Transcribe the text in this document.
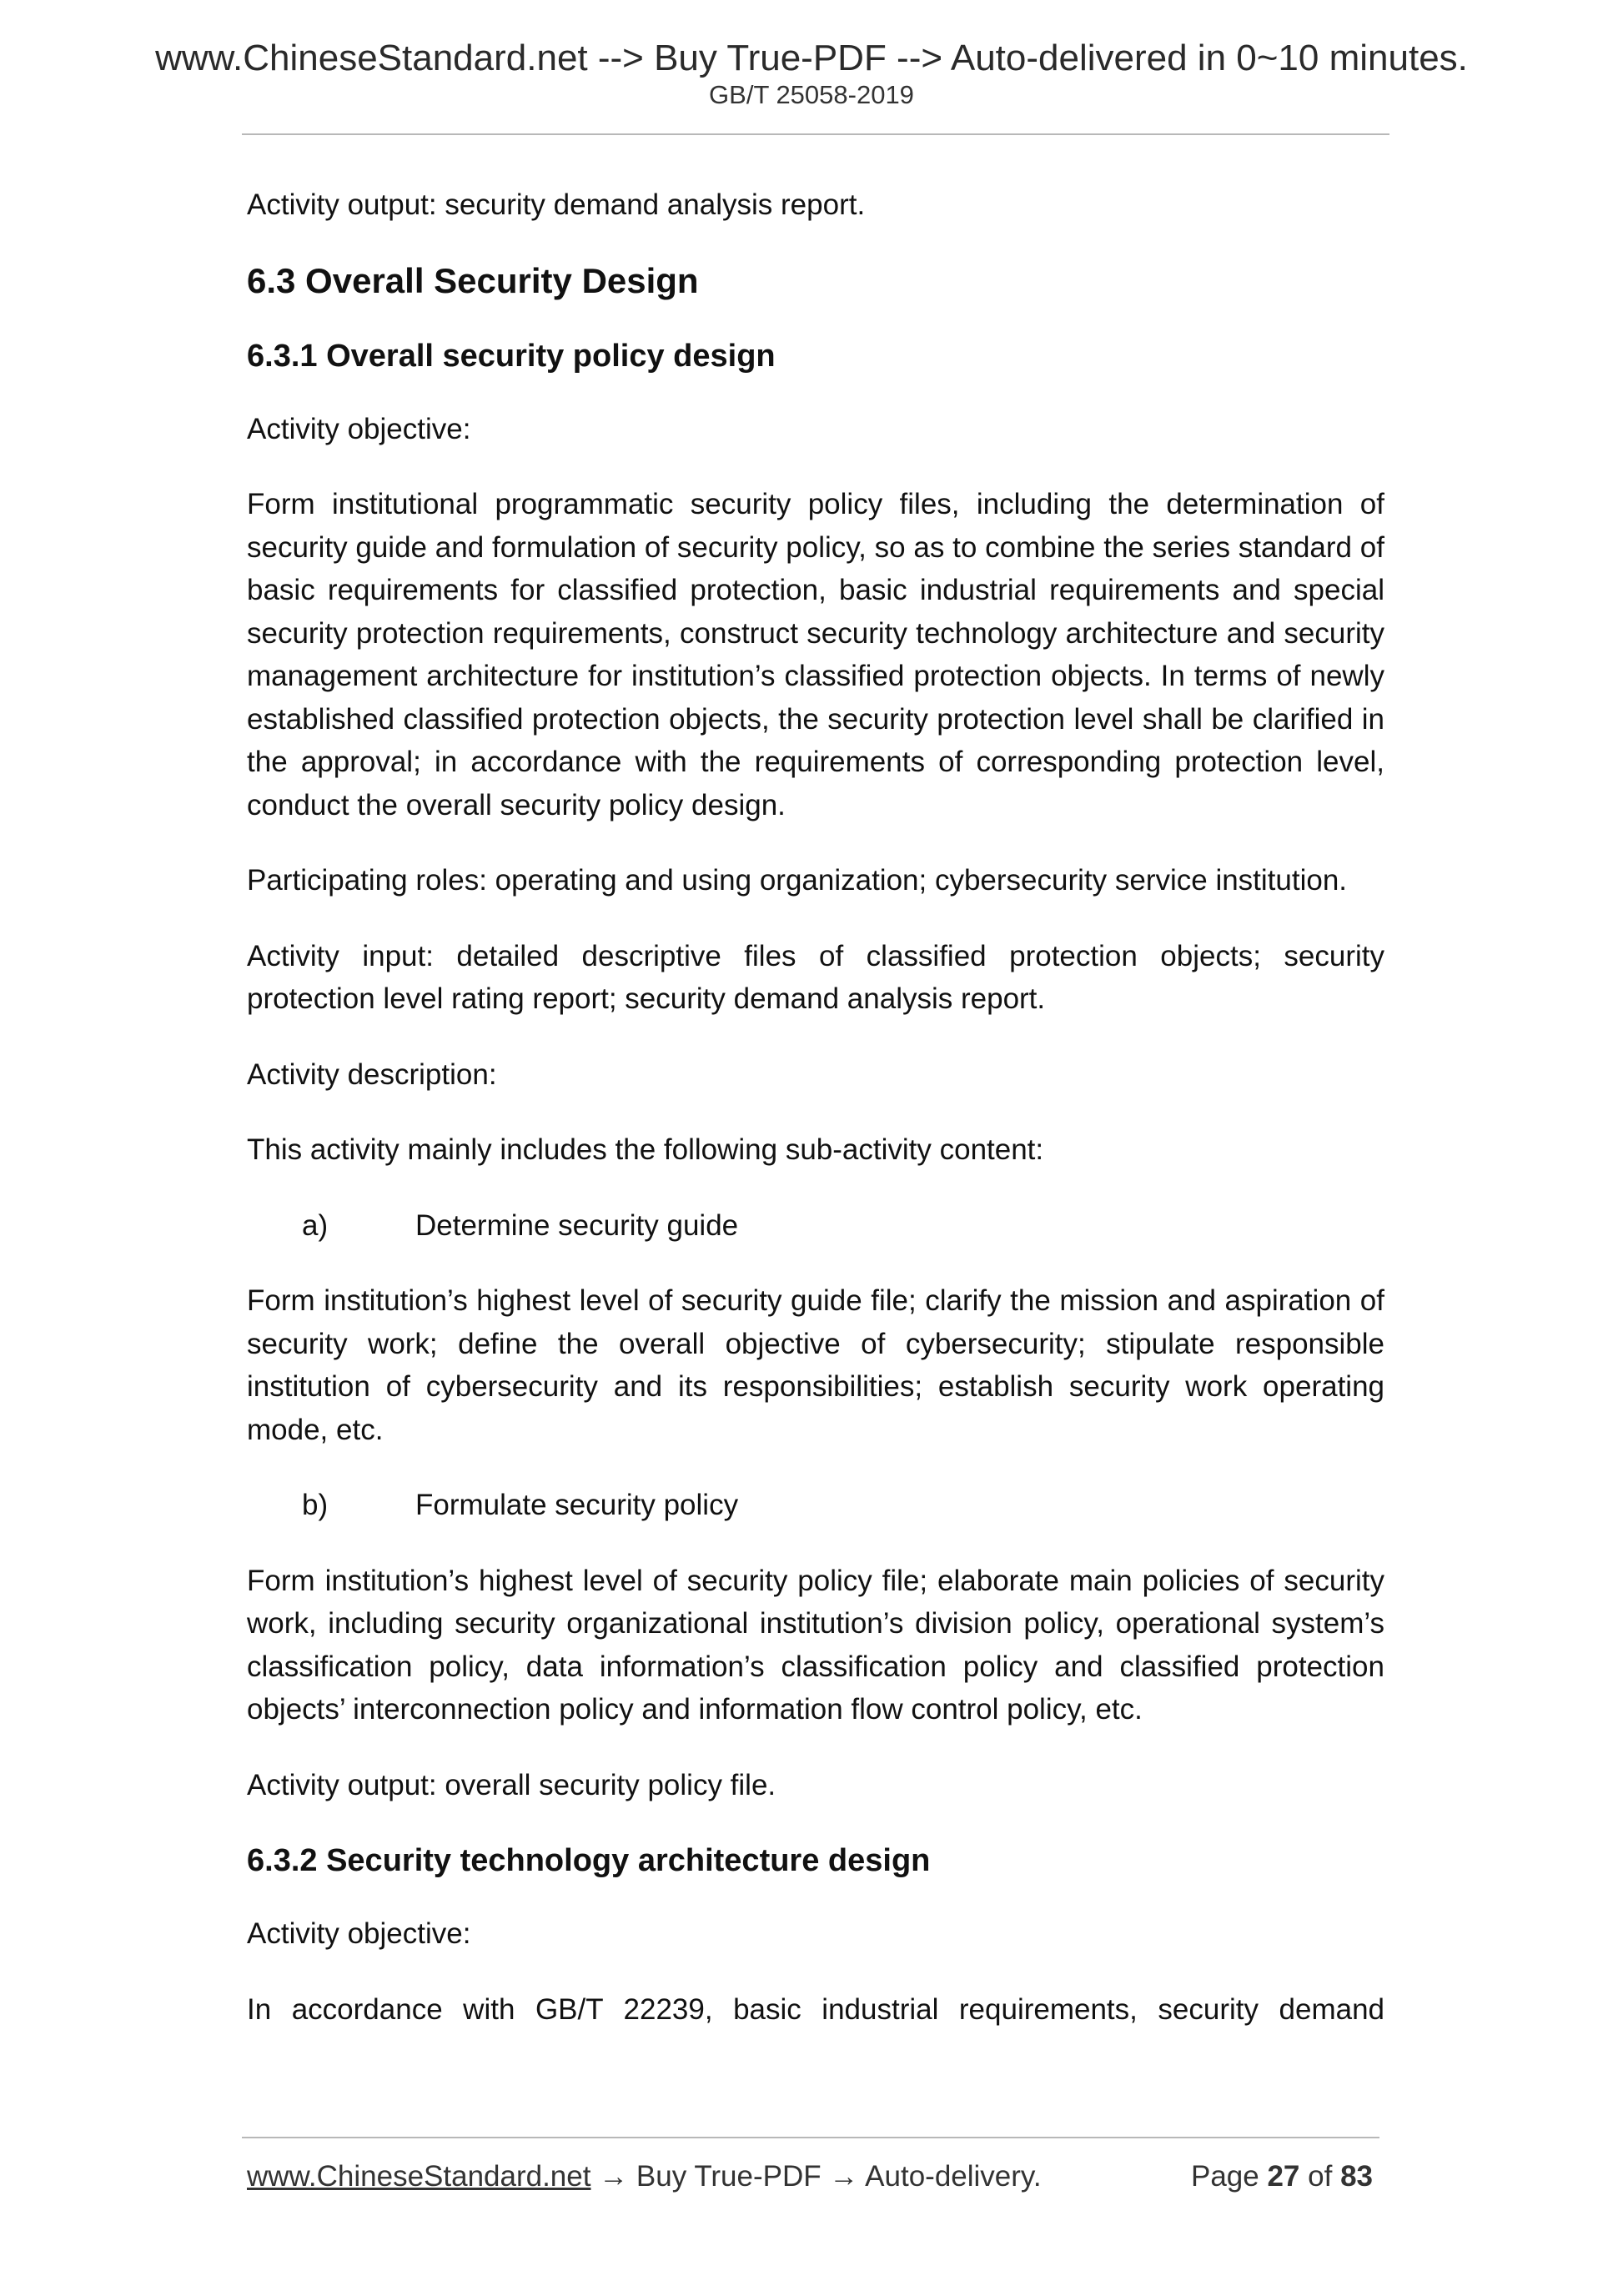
www.ChineseStandard.net --> Buy True-PDF --> Auto-delivered in 0~10 minutes.
GB/T 25058-2019

Activity output: security demand analysis report.

6.3 Overall Security Design
6.3.1 Overall security policy design

Activity objective:

Form institutional programmatic security policy files, including the determination of security guide and formulation of security policy, so as to combine the series standard of basic requirements for classified protection, basic industrial requirements and special security protection requirements, construct security technology architecture and security management architecture for institution’s classified protection objects. In terms of newly established classified protection objects, the security protection level shall be clarified in the approval; in accordance with the requirements of corresponding protection level, conduct the overall security policy design.

Participating roles: operating and using organization; cybersecurity service institution.

Activity input: detailed descriptive files of classified protection objects; security protection level rating report; security demand analysis report.

Activity description:

This activity mainly includes the following sub-activity content:

a)	Determine security guide

Form institution’s highest level of security guide file; clarify the mission and aspiration of security work; define the overall objective of cybersecurity; stipulate responsible institution of cybersecurity and its responsibilities; establish security work operating mode, etc.

b)	Formulate security policy

Form institution’s highest level of security policy file; elaborate main policies of security work, including security organizational institution’s division policy, operational system’s classification policy, data information’s classification policy and classified protection objects’ interconnection policy and information flow control policy, etc.

Activity output: overall security policy file.

6.3.2 Security technology architecture design

Activity objective:

In accordance with GB/T 22239, basic industrial requirements, security demand

www.ChineseStandard.net → Buy True-PDF → Auto-delivery.	Page 27 of 83
